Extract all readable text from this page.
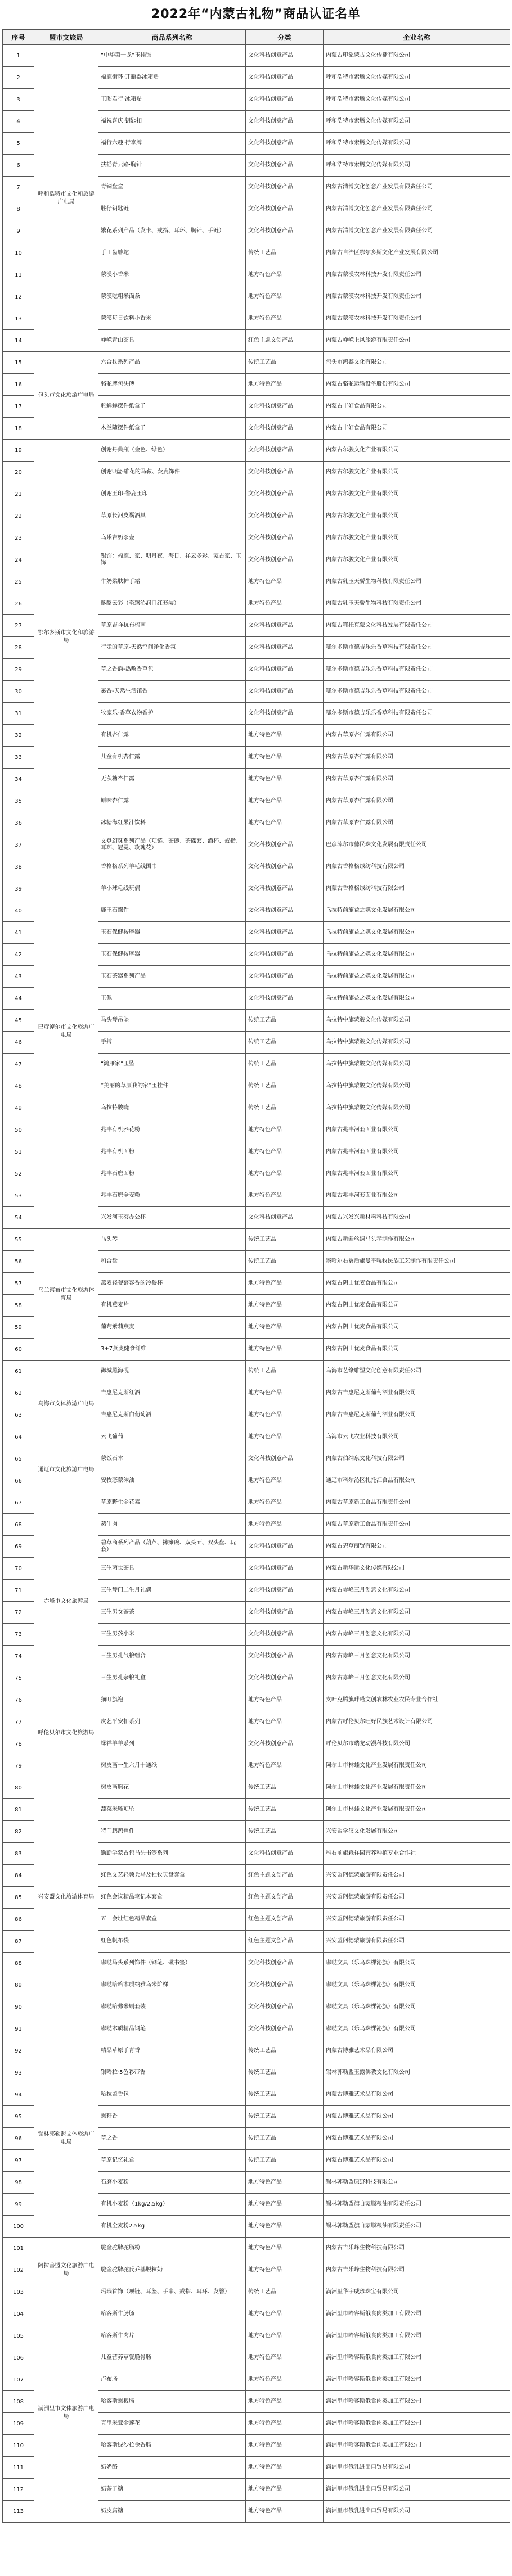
2022年“内蒙古礼物”商品认证名单
序号	盟市文旅局	商品系列名称	分类	企业名称
1	呼和浩特市文化和旅游广电局	“中华第一龙”玉挂饰	文化科技创意产品	内蒙古印象蒙古文化传播有限公司
2		福鹿街环·开瓶器冰箱贴	文化科技创意产品	呼和浩特市索腾文化传媒有限公司
3		王昭君行·冰箱贴	文化科技创意产品	呼和浩特市索腾文化传媒有限公司
4		福祝喜庆·钥匙扣	文化科技创意产品	呼和浩特市索腾文化传媒有限公司
5		福行六趣·行李牌	文化科技创意产品	呼和浩特市索腾文化传媒有限公司
6		扶摇青云路·胸针	文化科技创意产品	呼和浩特市索腾文化传媒有限公司
7		青铜盘盒	文化科技创意产品	内蒙古清博文化创意产业发展有限责任公司
8		胜仔钥匙链	文化科技创意产品	内蒙古清博文化创意产业发展有限责任公司
9		繁花系列产品（发卡、戒指、耳环、胸针、手链）	文化科技创意产品	内蒙古清博文化创意产业发展有限责任公司
10		手工齿雕坨	传统工艺品	内蒙古自治区鄂尔多斯文化产业发展有限公司
11		蒙漠小香米	地方特色产品	内蒙古蒙漠农林科技开发有限责任公司
12		蒙漠吃粗米面条	地方特色产品	内蒙古蒙漠农林科技开发有限责任公司
13		蒙漠每日饮料小香米	地方特色产品	内蒙古蒙漠农林科技开发有限责任公司
14		峥嵘青山茶具	红色主题文创产品	内蒙古峥嵘上风旅游有限责任公司
15	包头市文化旅游广电局	六合杖系列产品	传统工艺品	包头市鸿鑫文化有限公司
16		骆驼牌包头磚	地方特色产品	内蒙古骆驼运输设备股份有限公司
17		驼蝉蝉摆件纸盒子	文化科技创意产品	内蒙古丰好食品有限公司
18		木兰随摆件纸盒子	文化科技创意产品	内蒙古丰好食品有限公司
19	鄂尔多斯市文化和旅游局	创谢丹典瓶（金色、绿色）	文化科技创意产品	内蒙古尔骏文化产业有限公司
20		创谢U盘-雕花的马鞍、荧鹿饰件	文化科技创意产品	内蒙古尔骏文化产业有限公司
21		创谢玉印-警鹿玉印	文化科技创意产品	内蒙古尔骏文化产业有限公司
22		草原长河皮囊酒具	文化科技创意产品	内蒙古尔骏文化产业有限公司
23		乌乐吉奶茶壶	文化科技创意产品	内蒙古尔骏文化产业有限公司
24		银饰：福鹿、家、明月夜、海日、祥云多彩、蒙古家、玉饰	文化科技创意产品	内蒙古尔骏文化产业有限公司
25		牛奶柔肤护手霜	地方特色产品	内蒙古乳玉天骄生物科技有限责任公司
26		酥酪云彩（至臻沁润口红套装）	地方特色产品	内蒙古乳玉天骄生物科技有限责任公司
27		草原吉祥杭布梳画	文化科技创意产品	内蒙古鄂托克蒙文化科技发展有限责任公司
28		行走的草原-天然空间净化香氛	文化科技创意产品	鄂尔多斯市德吉乐乐香草科技有限责任公司
29		草之香韵-热敷香草包	文化科技创意产品	鄂尔多斯市德吉乐乐香草科技有限责任公司
30		裹香-天然生活馆香	文化科技创意产品	鄂尔多斯市德吉乐乐香草科技有限责任公司
31		牧家乐-香草衣物香护	文化科技创意产品	鄂尔多斯市德吉乐乐香草科技有限责任公司
32		有机杏仁露	地方特色产品	内蒙古草原杏仁露有限公司
33		儿童有机杏仁露	地方特色产品	内蒙古草原杏仁露有限公司
34		无茨糖杏仁露	地方特色产品	内蒙古草原杏仁露有限公司
35		原味杏仁露	地方特色产品	内蒙古草原杏仁露有限公司
36		冰糖海红果汁饮料	地方特色产品	内蒙古草原杏仁露有限公司
37	巴彦淖尔市文化旅游广电局	文登幻珠系列产品（项链、茶碗、茶碟套、酒杯、戒指、耳环、冠冕、玫瑰花）	文化科技创意产品	巴彦淖尔市德民珠文化发展有限责任公司
38		香格格系列羊毛线围巾	文化科技创意产品	内蒙古香格格绒纺科技有限公司
39		羊小球毛线玩偶	文化科技创意产品	内蒙古香格格绒纺科技有限公司
40		鹿王石摆件	文化科技创意产品	乌拉特前旗益之媒文化发展有限公司
41		玉石保健按摩器	文化科技创意产品	乌拉特前旗益之媒文化发展有限公司
42		玉石保健按摩器	文化科技创意产品	乌拉特前旗益之媒文化发展有限公司
43		玉石茶器系列产品	文化科技创意产品	乌拉特前旗益之媒文化发展有限公司
44		玉佩	文化科技创意产品	乌拉特前旗益之媒文化发展有限公司
45		马头琴吊坠	传统工艺品	乌拉特中旗蒙骏文化传媒有限公司
46		手搏	传统工艺品	乌拉特中旗蒙骏文化传媒有限公司
47		“鸿雁家”玉坠	传统工艺品	乌拉特中旗蒙骏文化传媒有限公司
48		“美丽的草原我的家”玉挂件	传统工艺品	乌拉特中旗蒙骏文化传媒有限公司
49		乌拉特骏晓	传统工艺品	乌拉特中旗蒙骏文化传媒有限公司
50		兆丰有机荞花粉	地方特色产品	内蒙古兆丰河套面业有限公司
51		兆丰有机面粉	地方特色产品	内蒙古兆丰河套面业有限公司
52		兆丰石磨面粉	地方特色产品	内蒙古兆丰河套面业有限公司
53		兆丰石磨全麦粉	地方特色产品	内蒙古兆丰河套面业有限公司
54		兴发河玉葵办公杯	文化科技创意产品	内蒙古兴发兴新材料科技有限公司
55	乌兰察布市文化旅游体育局	马头琴	传统工艺品	内蒙古新疆丝绸马头琴制作有限公司
56		和合盘	传统工艺品	察哈尔右翼后旗曼平嘎牧民族工艺制作有限责任公司
57		燕麦轻餐慕容香的冷餐杯	地方特色产品	内蒙古阴山优麦食品有限公司
58		有机燕麦片	地方特色产品	内蒙古阴山优麦食品有限公司
59		葡萄紫莉燕麦	地方特色产品	内蒙古阴山优麦食品有限公司
60		3+7燕麦健食纤维	地方特色产品	内蒙古阴山优麦食品有限公司
61	乌海市文体旅游广电局	御城黑海砚	传统工艺品	乌海市艺缘雕塑文化创意有限责任公司
62		吉惠尼克斯红酒	地方特色产品	内蒙古吉惠尼克斯葡萄酒业有限公司
63		吉惠尼克斯白葡萄酒	地方特色产品	内蒙古吉惠尼克斯葡萄酒业有限公司
64		云飞葡萄	地方特色产品	乌海市云飞农业科技有限公司
65	通辽市文化旅游广电局	蒙饭石木	文化科技创意产品	内蒙古伯纳泉文化科技有限公司
66		安牧恋蒙沫油	地方特色产品	通辽市科尔沁区扎托汇食品有限公司
67	赤峰市文化旅游局	草原野生金花素	地方特色产品	内蒙古草原新工食品有限责任公司
68		蒸牛肉	地方特色产品	内蒙古草原新工食品有限责任公司
69		碧草商系列产品（葫芦、摔瘫碗、双头面、双头盘、玩套）	文化科技创意产品	内蒙古碧草商贸有限公司
70		三生两世茶具	文化科技创意产品	内蒙古新华远文化传媒有限公司
71		三生琴门二生月礼偶	文化科技创意产品	内蒙古赤峰三月创意文化有限公司
72		三生男女茶茶	文化科技创意产品	内蒙古赤峰三月创意文化有限公司
73		三生男孩小米	文化科技创意产品	内蒙古赤峰三月创意文化有限公司
74		三生男孔气粮组合	文化科技创意产品	内蒙古赤峰三月创意文化有限公司
75		三生男孔杂粮礼盒	文化科技创意产品	内蒙古赤峰三月创意文化有限公司
76		猫叮旗袍	地方特色产品	支叶克腾旗畔嗒文创农林牧业农民专业合作社
77	呼伦贝尔市文化旅游局	皮艺平安扣系列	地方特色产品	内蒙古呼伦贝尔旺好民族艺术设计有限公司
78		绿祥羊羊系列	文化科技创意产品	呼伦贝尔市瑞龙动漫科技有限公司
79	兴安盟文化旅游体育局	树皮画一生六月十通纸	地方特色产品	阿尔山市林蛙文化产业发展有限责任公司
80		树皮画胸花	传统工艺品	阿尔山市林蛙文化产业发展有限责任公司
81		蔬菜米雕项坠	传统工艺品	阿尔山市林蛙文化产业发展有限责任公司
82		特门鹏鹊鱼件	传统工艺品	兴安盟学汉文化发展有限公司
83		勤勤学蒙古包马头书签系列	文化科技创意产品	科右前旗森祥园营养种植专业合作社
84		红色文艺轻领兵马及牡牧页盘套盒	红色主题文创产品	兴安盟阿德蒙旅游有限责任公司
85		红色会议精品笔记本套盒	红色主题文创产品	兴安盟阿德蒙旅游有限责任公司
86		五一会址红色精品套盒	红色主题文创产品	兴安盟阿德蒙旅游有限责任公司
87		红色帆布袋	红色主题文创产品	兴安盟阿德蒙旅游有限责任公司
88		嘟哒马头系列饰件（钢笔、磁书签）	文化科技创意产品	嘟哒文具（乐乌珠棵沁旗）有限公司
89		嘟哒哈哈木质纳雅乌米阶梯	文化科技创意产品	嘟哒文具（乐乌珠棵沁旗）有限公司
90		嘟哒哈弗米刷套装	文化科技创意产品	嘟哒文具（乐乌珠棵沁旗）有限公司
91		嘟哒木质精品钢笔	文化科技创意产品	嘟哒文具（乐乌珠棵沁旗）有限公司
92	锡林郭勒盟文体旅游广电局	精品草原手青香	传统工艺品	内蒙古博雅艺术品有限公司
93		银哈拉·5色彩带香	传统工艺品	锡林郭勒盟玉露佛教文化有限公司
94		哈拉盖香包	传统工艺品	内蒙古博雅艺术品有限公司
95		熏籽香	传统工艺品	内蒙古博雅艺术品有限公司
96		草之香	传统工艺品	内蒙古博雅艺术品有限公司
97		草原记忆礼盒	传统工艺品	内蒙古博雅艺术品有限公司
98		石磨小麦粉	地方特色产品	锡林郭勒盟原野科技有限公司
99		有机小麦粉（1kg/2.5kg）	地方特色产品	锡林郭勒盟旗自蒙顺粮油有限责任公司
100		有机全麦粉2.5kg	地方特色产品	锡林郭勒盟旗自蒙顺粮油有限责任公司
101	阿拉善盟文化旅游广电局	駝金驼牌驼脂粉	地方特色产品	内蒙古吉乐峰生物科技有限公司
102		駝金驼牌驼氏乔基脱粒奶	地方特色产品	内蒙古吉乐峰生物科技有限公司
103		玛瑙首饰（项链、耳坠、手串、戒指、耳环、发簪）	传统工艺品	满洲里华宇威珍珠宝有限公司
104	满洲里市文体旅游广电局	哈客斯牛肠肠	地方特色产品	满洲里市哈客斯俄食肉类加工有限公司
105		哈客斯牛肉片	地方特色产品	满洲里市哈客斯俄食肉类加工有限公司
106		儿童营养草餐脆骨肠	地方特色产品	满洲里市哈客斯俄食肉类加工有限公司
107		卢布肠	地方特色产品	满洲里市哈客斯俄食肉类加工有限公司
108		哈客斯熏板肠	地方特色产品	满洲里市哈客斯俄食肉类加工有限公司
109		克里米亚金莲花	地方特色产品	满洲里市哈客斯俄食肉类加工有限公司
110		哈客斯绿沙拉金香肠	地方特色产品	满洲里市哈客斯俄食肉类加工有限公司
111		奶奶酪	地方特色产品	满洲里市俄乳进出口贸易有限公司
112		奶茶子糖	地方特色产品	满洲里市俄乳进出口贸易有限公司
113		奶皮腐糖	地方特色产品	满洲里市俄乳进出口贸易有限公司
